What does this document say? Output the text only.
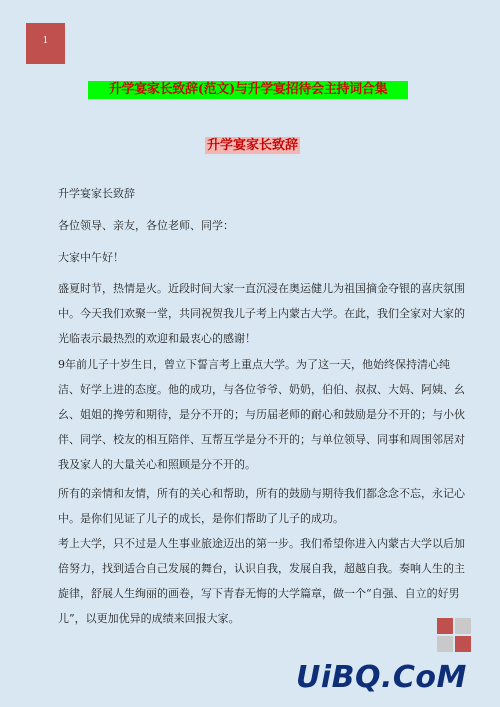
1
升学宴家长致辞(范文)与升学宴招待会主持词合集
升学宴家长致辞
升学宴家长致辞
各位领导、亲友，各位老师、同学：
大家中午好！
盛夏时节，热情是火。近段时间大家一直沉浸在奥运健儿为祖国摘金夺银的喜庆氛围中。今天我们欢聚一堂，共同祝贺我儿子考上内蒙古大学。在此，我们全家对大家的光临表示最热烈的欢迎和最衷心的感谢！
9年前儿子十岁生日，曾立下誓言考上重点大学。为了这一天，他始终保持清心纯洁、好学上进的态度。他的成功，与各位爷爷、奶奶，伯伯、叔叔、大妈、阿姨、幺幺、姐姐的搀劳和期待，是分不开的；与历届老师的耐心和鼓励是分不开的；与小伙伴、同学、校友的相互陪伴、互帮互学是分不开的；与单位领导、同事和周围邻居对我及家人的大量关心和照顾是分不开的。
所有的亲情和友情，所有的关心和帮助，所有的鼓励与期待我们都念念不忘，永记心中。是你们见证了儿子的成长，是你们帮助了儿子的成功。
考上大学，只不过是人生事业旅途迈出的第一步。我们希望你进入内蒙古大学以后加倍努力，找到适合自己发展的舞台，认识自我，发展自我，超越自我。奏响人生的主旋律，舒展人生绚丽的画卷，写下青春无悔的大学篇章，做一个“自强、自立的好男儿”，以更加优异的成绩来回报大家。
UiBQ.CoM
